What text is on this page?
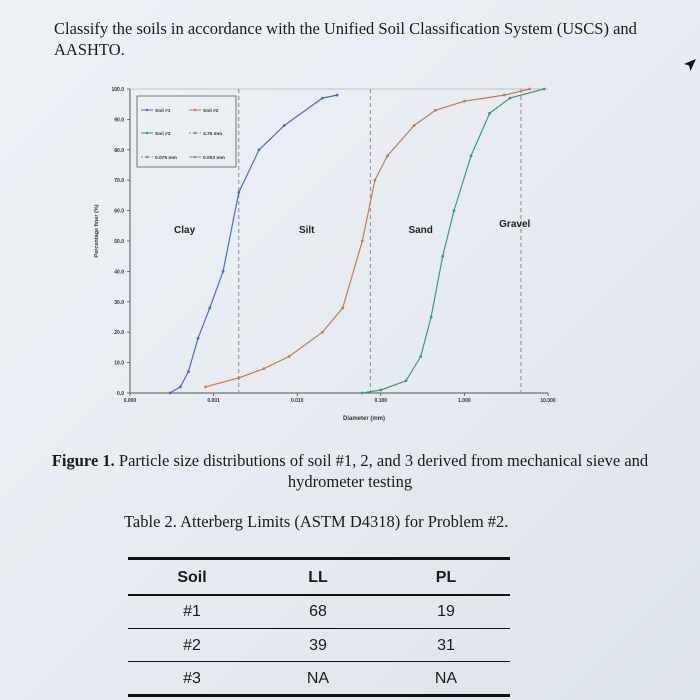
Classify the soils in accordance with the Unified Soil Classification System (USCS) and AASHTO.
0.0
10.0
20.0
30.0
40.0
50.0
60.0
70.0
80.0
90.0
100.0
0.000	0.001	0.010	0.100	1.000	10.000
Diameter (mm)
Percentage finer (%)	Clay	Silt	Sand
Gravel
Soil #1	Soil #2
Soil #3	4.75 mm
0.075 mm	0.002 mm
Figure 1. Particle size distributions of soil #1, 2, and 3 derived from mechanical sieve and hydrometer testing
Table 2. Atterberg Limits (ASTM D4318) for Problem #2.
Soil	LL	PL
#1	68	19
#2	39	31
#3	NA	NA
